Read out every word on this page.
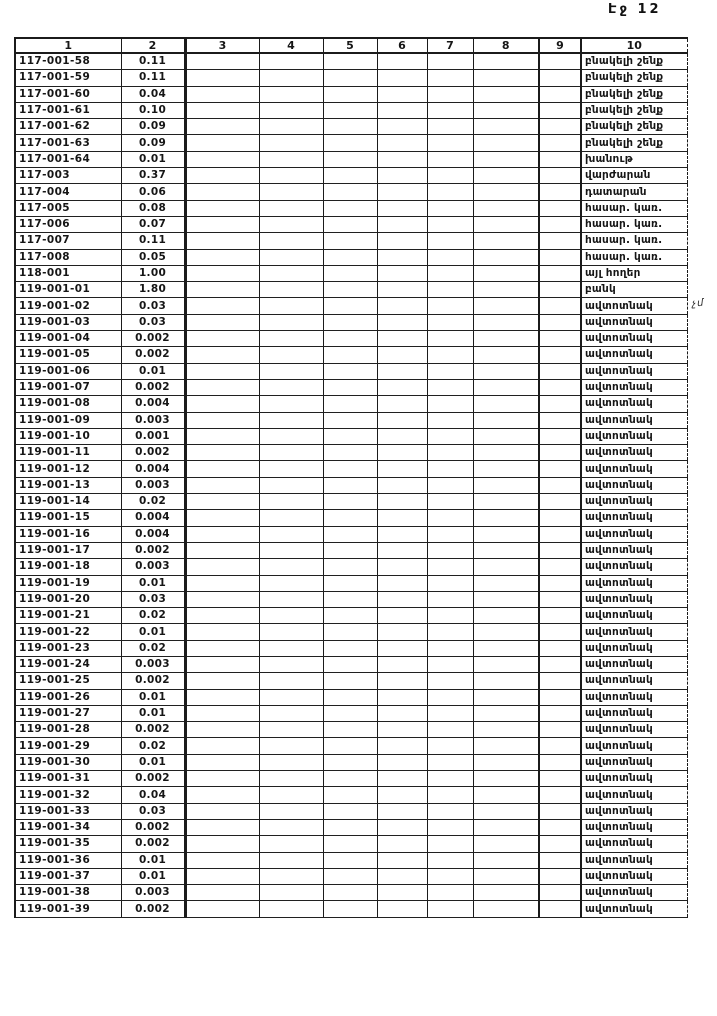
Էջ 12
1	2	3	4	5	6	7	8	9	10
117-001-58	0.11								բնակելի շենք
117-001-59	0.11								բնակելի շենք
117-001-60	0.04								բնակելի շենք
117-001-61	0.10								բնակելի շենք
117-001-62	0.09								բնակելի շենք
117-001-63	0.09								բնակելի շենք
117-001-64	0.01								խանութ
117-003	0.37								վարժարան
117-004	0.06								դատարան
117-005	0.08								հասար. կառ.
117-006	0.07								հասար. կառ.
117-007	0.11								հասար. կառ.
117-008	0.05								հասար. կառ.
118-001	1.00								այլ հողեր
119-001-01	1.80								բանկ
119-001-02	0.03								ավտոտնակ
119-001-03	0.03								ավտոտնակ
119-001-04	0.002								ավտոտնակ
119-001-05	0.002								ավտոտնակ
119-001-06	0.01								ավտոտնակ
119-001-07	0.002								ավտոտնակ
119-001-08	0.004								ավտոտնակ
119-001-09	0.003								ավտոտնակ
119-001-10	0.001								ավտոտնակ
119-001-11	0.002								ավտոտնակ
119-001-12	0.004								ավտոտնակ
119-001-13	0.003								ավտոտնակ
119-001-14	0.02								ավտոտնակ
119-001-15	0.004								ավտոտնակ
119-001-16	0.004								ավտոտնակ
119-001-17	0.002								ավտոտնակ
119-001-18	0.003								ավտոտնակ
119-001-19	0.01								ավտոտնակ
119-001-20	0.03								ավտոտնակ
119-001-21	0.02								ավտոտնակ
119-001-22	0.01								ավտոտնակ
119-001-23	0.02								ավտոտնակ
119-001-24	0.003								ավտոտնակ
119-001-25	0.002								ավտոտնակ
119-001-26	0.01								ավտոտնակ
119-001-27	0.01								ավտոտնակ
119-001-28	0.002								ավտոտնակ
119-001-29	0.02								ավտոտնակ
119-001-30	0.01								ավտոտնակ
119-001-31	0.002								ավտոտնակ
119-001-32	0.04								ավտոտնակ
119-001-33	0.03								ավտոտնակ
119-001-34	0.002								ավտոտնակ
119-001-35	0.002								ավտոտնակ
119-001-36	0.01								ավտոտնակ
119-001-37	0.01								ավտոտնակ
119-001-38	0.003								ավտոտնակ
119-001-39	0.002								ավտոտնակ
չմ
